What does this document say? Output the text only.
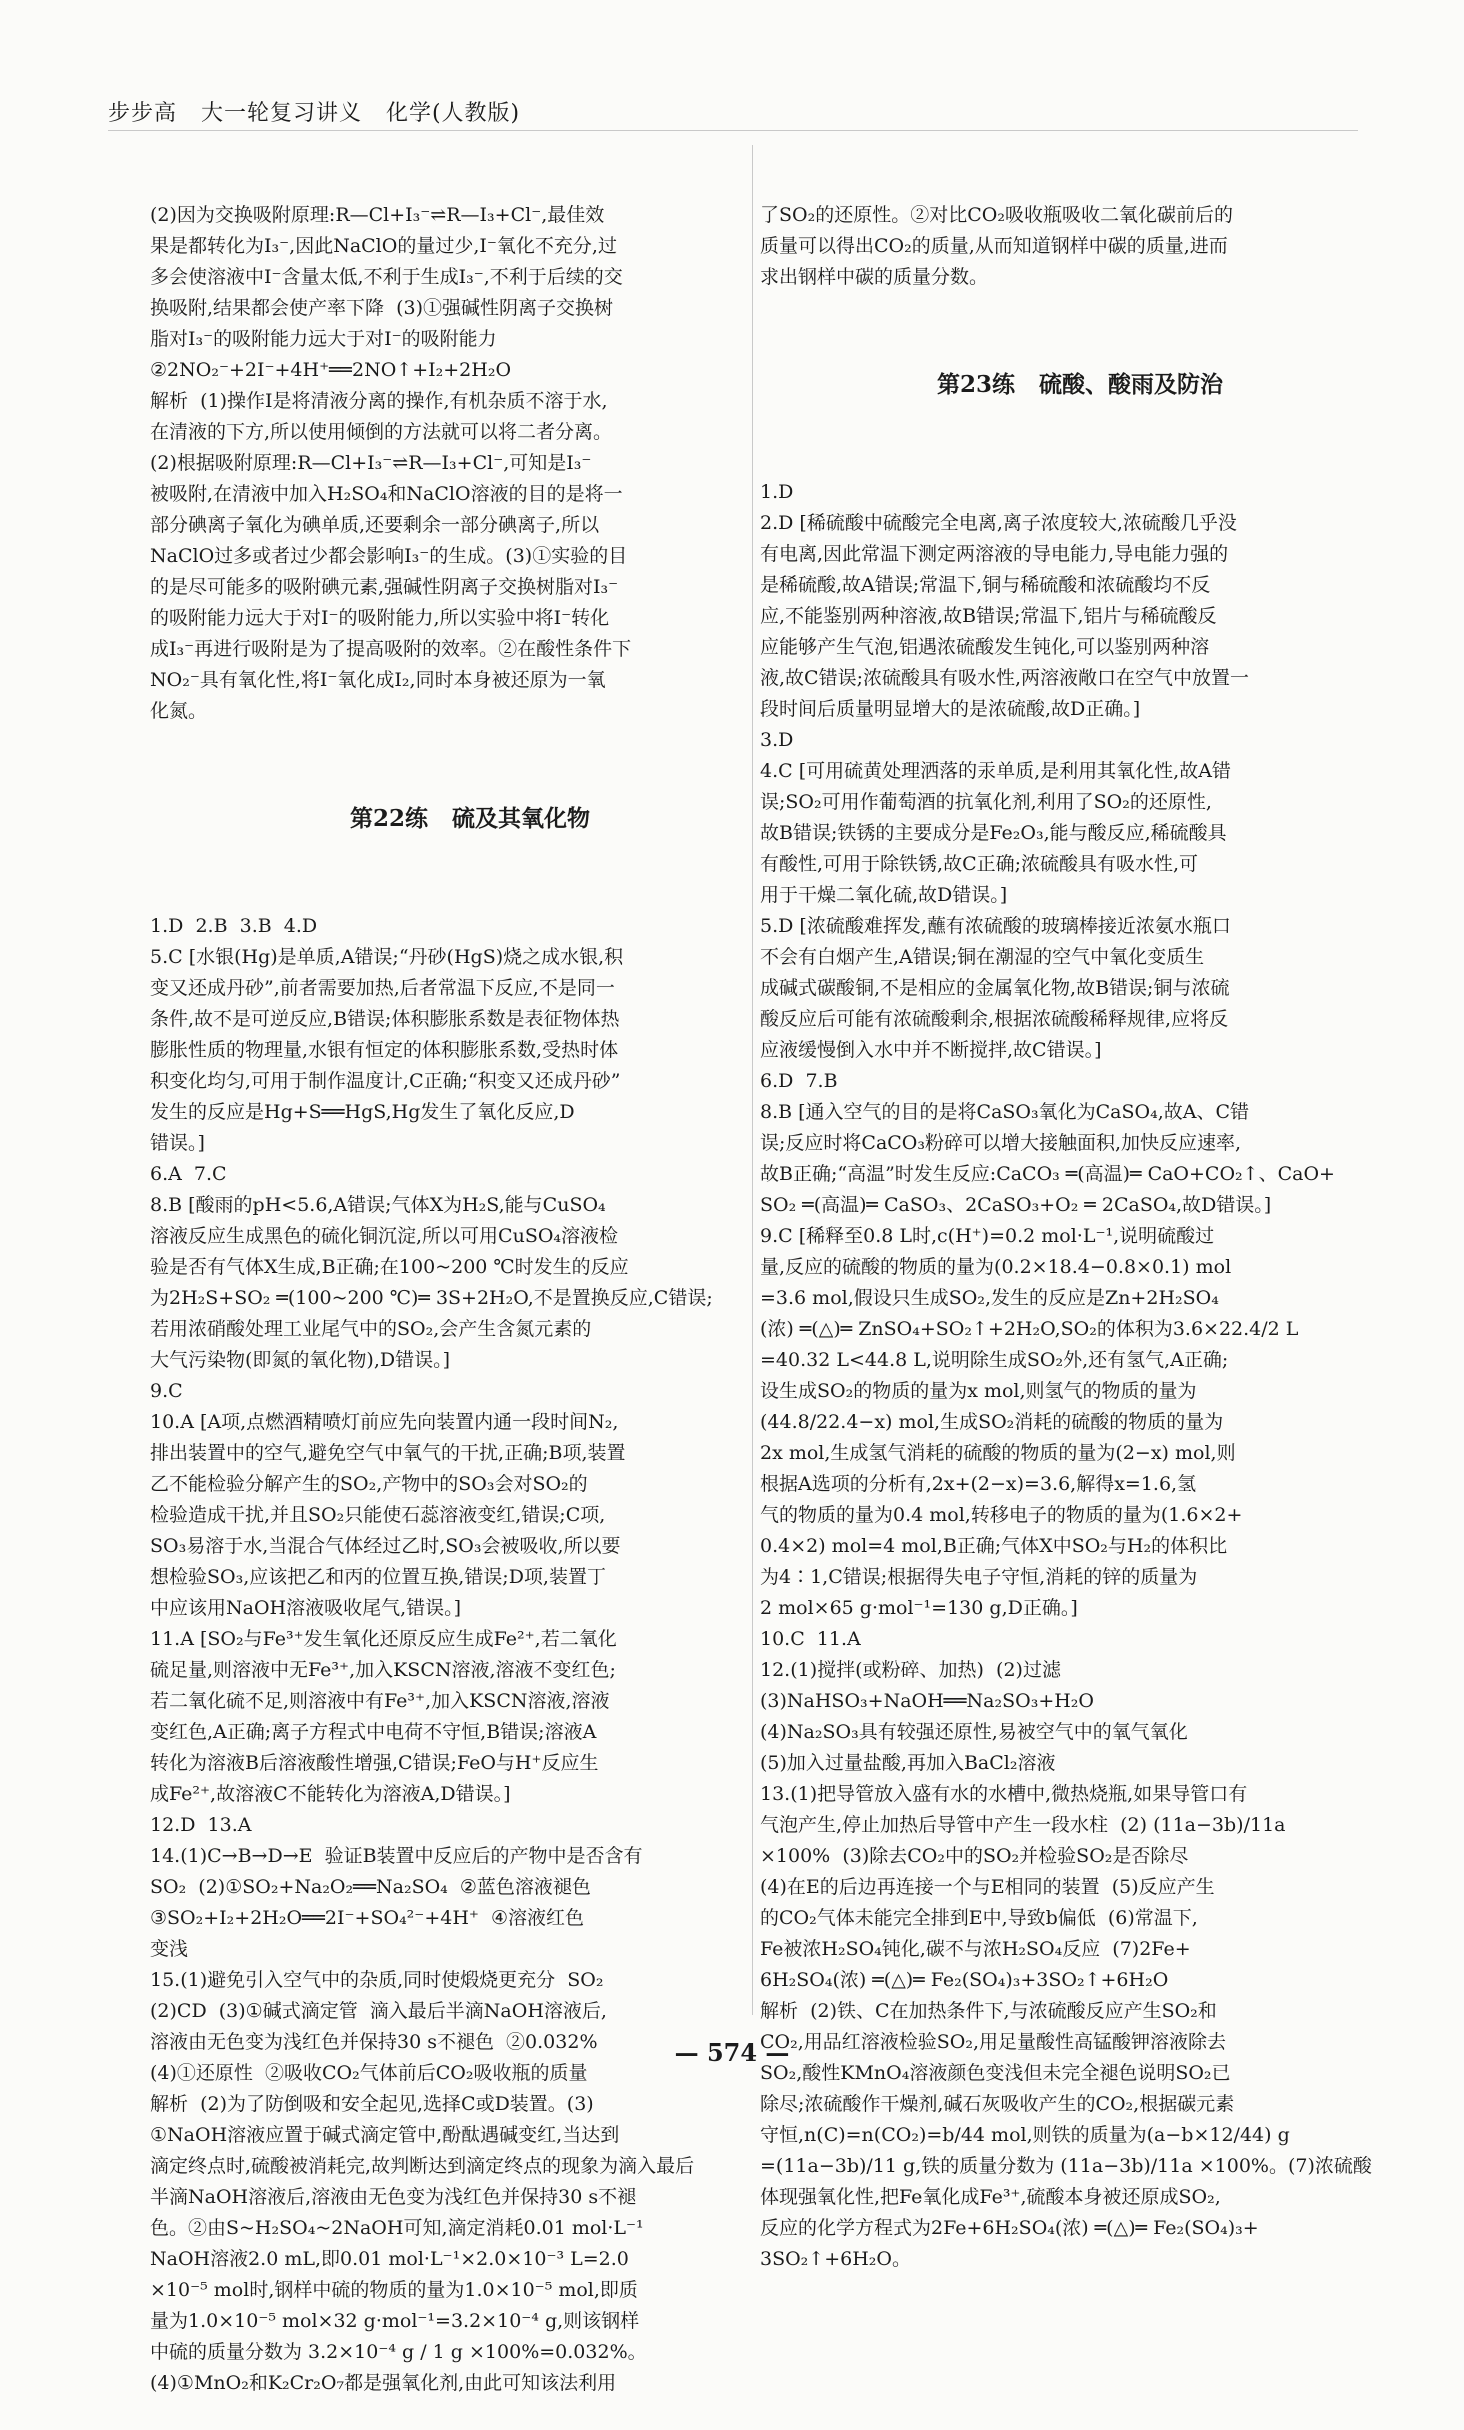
步步高   大一轮复习讲义   化学(人教版)

(2)因为交换吸附原理:R—Cl+I₃⁻⇌R—I₃+Cl⁻,最佳效
果是都转化为I₃⁻,因此NaClO的量过少,I⁻氧化不充分,过
多会使溶液中I⁻含量太低,不利于生成I₃⁻,不利于后续的交
换吸附,结果都会使产率下降  (3)①强碱性阴离子交换树
脂对I₃⁻的吸附能力远大于对I⁻的吸附能力
②2NO₂⁻+2I⁻+4H⁺══2NO↑+I₂+2H₂O
解析  (1)操作Ⅰ是将清液分离的操作,有机杂质不溶于水,
在清液的下方,所以使用倾倒的方法就可以将二者分离。
(2)根据吸附原理:R—Cl+I₃⁻⇌R—I₃+Cl⁻,可知是I₃⁻
被吸附,在清液中加入H₂SO₄和NaClO溶液的目的是将一
部分碘离子氧化为碘单质,还要剩余一部分碘离子,所以
NaClO过多或者过少都会影响I₃⁻的生成。(3)①实验的目
的是尽可能多的吸附碘元素,强碱性阴离子交换树脂对I₃⁻
的吸附能力远大于对I⁻的吸附能力,所以实验中将I⁻转化
成I₃⁻再进行吸附是为了提高吸附的效率。②在酸性条件下
NO₂⁻具有氧化性,将I⁻氧化成I₂,同时本身被还原为一氧
化氮。

第22练   硫及其氧化物

1.D  2.B  3.B  4.D
5.C [水银(Hg)是单质,A错误;“丹砂(HgS)烧之成水银,积
变又还成丹砂”,前者需要加热,后者常温下反应,不是同一
条件,故不是可逆反应,B错误;体积膨胀系数是表征物体热
膨胀性质的物理量,水银有恒定的体积膨胀系数,受热时体
积变化均匀,可用于制作温度计,C正确;“积变又还成丹砂”
发生的反应是Hg+S══HgS,Hg发生了氧化反应,D
错误。]
6.A  7.C
8.B [酸雨的pH<5.6,A错误;气体X为H₂S,能与CuSO₄
溶液反应生成黑色的硫化铜沉淀,所以可用CuSO₄溶液检
验是否有气体X生成,B正确;在100~200 ℃时发生的反应
为2H₂S+SO₂ ═(100~200 ℃)═ 3S+2H₂O,不是置换反应,C错误;
若用浓硝酸处理工业尾气中的SO₂,会产生含氮元素的
大气污染物(即氮的氧化物),D错误。]
9.C
10.A [A项,点燃酒精喷灯前应先向装置内通一段时间N₂,
排出装置中的空气,避免空气中氧气的干扰,正确;B项,装置
乙不能检验分解产生的SO₂,产物中的SO₃会对SO₂的
检验造成干扰,并且SO₂只能使石蕊溶液变红,错误;C项,
SO₃易溶于水,当混合气体经过乙时,SO₃会被吸收,所以要
想检验SO₃,应该把乙和丙的位置互换,错误;D项,装置丁
中应该用NaOH溶液吸收尾气,错误。]
11.A [SO₂与Fe³⁺发生氧化还原反应生成Fe²⁺,若二氧化
硫足量,则溶液中无Fe³⁺,加入KSCN溶液,溶液不变红色;
若二氧化硫不足,则溶液中有Fe³⁺,加入KSCN溶液,溶液
变红色,A正确;离子方程式中电荷不守恒,B错误;溶液A
转化为溶液B后溶液酸性增强,C错误;FeO与H⁺反应生
成Fe²⁺,故溶液C不能转化为溶液A,D错误。]
12.D  13.A
14.(1)C→B→D→E  验证B装置中反应后的产物中是否含有
SO₂  (2)①SO₂+Na₂O₂══Na₂SO₄  ②蓝色溶液褪色
③SO₂+I₂+2H₂O══2I⁻+SO₄²⁻+4H⁺  ④溶液红色
变浅
15.(1)避免引入空气中的杂质,同时使煅烧更充分  SO₂
(2)CD  (3)①碱式滴定管  滴入最后半滴NaOH溶液后,
溶液由无色变为浅红色并保持30 s不褪色  ②0.032%
(4)①还原性  ②吸收CO₂气体前后CO₂吸收瓶的质量
解析  (2)为了防倒吸和安全起见,选择C或D装置。(3)
①NaOH溶液应置于碱式滴定管中,酚酞遇碱变红,当达到
滴定终点时,硫酸被消耗完,故判断达到滴定终点的现象为滴入最后
半滴NaOH溶液后,溶液由无色变为浅红色并保持30 s不褪
色。②由S~H₂SO₄~2NaOH可知,滴定消耗0.01 mol·L⁻¹
NaOH溶液2.0 mL,即0.01 mol·L⁻¹×2.0×10⁻³ L=2.0
×10⁻⁵ mol时,钢样中硫的物质的量为1.0×10⁻⁵ mol,即质
量为1.0×10⁻⁵ mol×32 g·mol⁻¹=3.2×10⁻⁴ g,则该钢样
中硫的质量分数为 3.2×10⁻⁴ g / 1 g ×100%=0.032%。
(4)①MnO₂和K₂Cr₂O₇都是强氧化剂,由此可知该法利用

了SO₂的还原性。②对比CO₂吸收瓶吸收二氧化碳前后的
质量可以得出CO₂的质量,从而知道钢样中碳的质量,进而
求出钢样中碳的质量分数。

第23练   硫酸、酸雨及防治

1.D
2.D [稀硫酸中硫酸完全电离,离子浓度较大,浓硫酸几乎没
有电离,因此常温下测定两溶液的导电能力,导电能力强的
是稀硫酸,故A错误;常温下,铜与稀硫酸和浓硫酸均不反
应,不能鉴别两种溶液,故B错误;常温下,铝片与稀硫酸反
应能够产生气泡,铝遇浓硫酸发生钝化,可以鉴别两种溶
液,故C错误;浓硫酸具有吸水性,两溶液敞口在空气中放置一
段时间后质量明显增大的是浓硫酸,故D正确。]
3.D
4.C [可用硫黄处理洒落的汞单质,是利用其氧化性,故A错
误;SO₂可用作葡萄酒的抗氧化剂,利用了SO₂的还原性,
故B错误;铁锈的主要成分是Fe₂O₃,能与酸反应,稀硫酸具
有酸性,可用于除铁锈,故C正确;浓硫酸具有吸水性,可
用于干燥二氧化硫,故D错误。]
5.D [浓硫酸难挥发,蘸有浓硫酸的玻璃棒接近浓氨水瓶口
不会有白烟产生,A错误;铜在潮湿的空气中氧化变质生
成碱式碳酸铜,不是相应的金属氧化物,故B错误;铜与浓硫
酸反应后可能有浓硫酸剩余,根据浓硫酸稀释规律,应将反
应液缓慢倒入水中并不断搅拌,故C错误。]
6.D  7.B
8.B [通入空气的目的是将CaSO₃氧化为CaSO₄,故A、C错
误;反应时将CaCO₃粉碎可以增大接触面积,加快反应速率,
故B正确;“高温”时发生反应:CaCO₃ ═(高温)═ CaO+CO₂↑、CaO+
SO₂ ═(高温)═ CaSO₃、2CaSO₃+O₂ ═ 2CaSO₄,故D错误。]
9.C [稀释至0.8 L时,c(H⁺)=0.2 mol·L⁻¹,说明硫酸过
量,反应的硫酸的物质的量为(0.2×18.4−0.8×0.1) mol
=3.6 mol,假设只生成SO₂,发生的反应是Zn+2H₂SO₄
(浓) ═(△)═ ZnSO₄+SO₂↑+2H₂O,SO₂的体积为3.6×22.4/2 L
=40.32 L<44.8 L,说明除生成SO₂外,还有氢气,A正确;
设生成SO₂的物质的量为x mol,则氢气的物质的量为
(44.8/22.4−x) mol,生成SO₂消耗的硫酸的物质的量为
2x mol,生成氢气消耗的硫酸的物质的量为(2−x) mol,则
根据A选项的分析有,2x+(2−x)=3.6,解得x=1.6,氢
气的物质的量为0.4 mol,转移电子的物质的量为(1.6×2+
0.4×2) mol=4 mol,B正确;气体X中SO₂与H₂的体积比
为4∶1,C错误;根据得失电子守恒,消耗的锌的质量为
2 mol×65 g·mol⁻¹=130 g,D正确。]
10.C  11.A
12.(1)搅拌(或粉碎、加热)  (2)过滤
(3)NaHSO₃+NaOH══Na₂SO₃+H₂O
(4)Na₂SO₃具有较强还原性,易被空气中的氧气氧化
(5)加入过量盐酸,再加入BaCl₂溶液
13.(1)把导管放入盛有水的水槽中,微热烧瓶,如果导管口有
气泡产生,停止加热后导管中产生一段水柱  (2) (11a−3b)/11a
×100%  (3)除去CO₂中的SO₂并检验SO₂是否除尽
(4)在E的后边再连接一个与E相同的装置  (5)反应产生
的CO₂气体未能完全排到E中,导致b偏低  (6)常温下,
Fe被浓H₂SO₄钝化,碳不与浓H₂SO₄反应  (7)2Fe+
6H₂SO₄(浓) ═(△)═ Fe₂(SO₄)₃+3SO₂↑+6H₂O
解析  (2)铁、C在加热条件下,与浓硫酸反应产生SO₂和
CO₂,用品红溶液检验SO₂,用足量酸性高锰酸钾溶液除去
SO₂,酸性KMnO₄溶液颜色变浅但未完全褪色说明SO₂已
除尽;浓硫酸作干燥剂,碱石灰吸收产生的CO₂,根据碳元素
守恒,n(C)=n(CO₂)=b/44 mol,则铁的质量为(a−b×12/44) g
=(11a−3b)/11 g,铁的质量分数为 (11a−3b)/11a ×100%。(7)浓硫酸
体现强氧化性,把Fe氧化成Fe³⁺,硫酸本身被还原成SO₂,
反应的化学方程式为2Fe+6H₂SO₄(浓) ═(△)═ Fe₂(SO₄)₃+
3SO₂↑+6H₂O。

— 574 —
